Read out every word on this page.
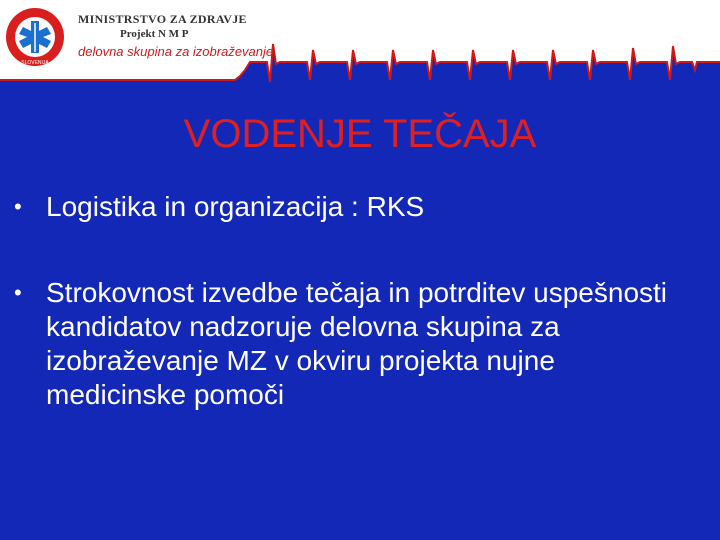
SLOVENIJA
MINISTRSTVO ZA ZDRAVJE
Projekt N M P
delovna skupina za izobraževanje
VODENJE TEČAJA
• Logistika in organizacija : RKS
• Strokovnost izvedbe tečaja in potrditev uspešnosti kandidatov nadzoruje delovna skupina za izobraževanje MZ v okviru projekta nujne medicinske pomoči
